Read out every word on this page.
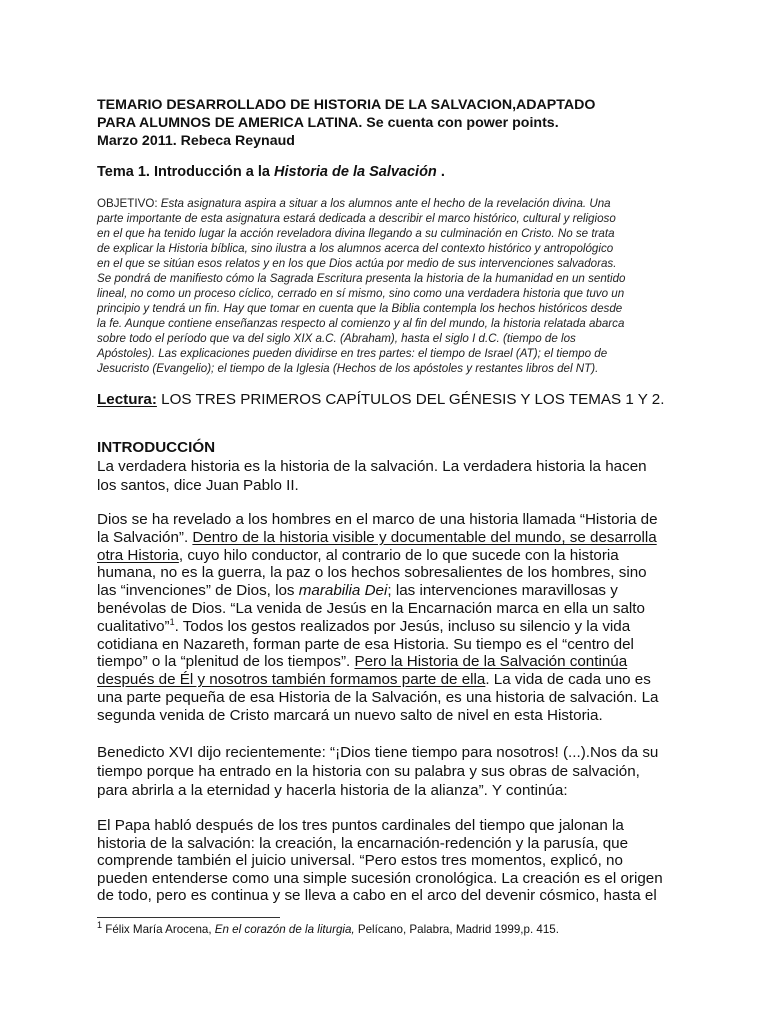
TEMARIO DESARROLLADO DE HISTORIA DE LA SALVACION,ADAPTADO
PARA ALUMNOS DE AMERICA LATINA. Se cuenta con power points.
Marzo 2011. Rebeca Reynaud
Tema 1. Introducción a la Historia de la Salvación .
OBJETIVO: Esta asignatura aspira a situar a los alumnos ante el hecho de la revelación divina. Una
parte importante de esta asignatura estará dedicada a describir el marco histórico, cultural y religioso
en el que ha tenido lugar la acción reveladora divina llegando a su culminación en Cristo. No se trata
de explicar la Historia bíblica, sino ilustra a los alumnos acerca del contexto histórico y antropológico
en el que se sitúan esos relatos y en los que Dios actúa por medio de sus intervenciones salvadoras.
Se pondrá de manifiesto cómo la Sagrada Escritura presenta la historia de la humanidad en un sentido
lineal, no como un proceso cíclico, cerrado en sí mismo, sino como una verdadera historia que tuvo un
principio y tendrá un fin. Hay que tomar en cuenta que la Biblia contempla los hechos históricos desde
la fe. Aunque contiene enseñanzas respecto al comienzo y al fin del mundo, la historia relatada abarca
sobre todo el período que va del siglo XIX a.C. (Abraham), hasta el siglo I d.C. (tiempo de los
Apóstoles). Las explicaciones pueden dividirse en tres partes: el tiempo de Israel (AT); el tiempo de
Jesucristo (Evangelio); el tiempo de la Iglesia (Hechos de los apóstoles y restantes libros del NT).
Lectura: LOS TRES PRIMEROS CAPÍTULOS DEL GÉNESIS Y LOS TEMAS 1 Y 2.
INTRODUCCIÓN
La verdadera historia es la historia de la salvación. La verdadera historia la hacen
los santos, dice Juan Pablo II.
Dios se ha revelado a los hombres en el marco de una historia llamada “Historia de
la Salvación”. Dentro de la historia visible y documentable del mundo, se desarrolla
otra Historia, cuyo hilo conductor, al contrario de lo que sucede con la historia
humana, no es la guerra, la paz o los hechos sobresalientes de los hombres, sino
las “invenciones” de Dios, los marabilia Dei; las intervenciones maravillosas y
benévolas de Dios. “La venida de Jesús en la Encarnación marca en ella un salto
cualitativo”$^1$. Todos los gestos realizados por Jesús, incluso su silencio y la vida
cotidiana en Nazareth, forman parte de esa Historia. Su tiempo es el “centro del
tiempo” o la “plenitud de los tiempos”. Pero la Historia de la Salvación continúa
después de Él y nosotros también formamos parte de ella. La vida de cada uno es
una parte pequeña de esa Historia de la Salvación, es una historia de salvación. La
segunda venida de Cristo marcará un nuevo salto de nivel en esta Historia.
Benedicto XVI dijo recientemente: “¡Dios tiene tiempo para nosotros! (...).Nos da su
tiempo porque ha entrado en la historia con su palabra y sus obras de salvación,
para abrirla a la eternidad y hacerla historia de la alianza”. Y continúa:
El Papa habló después de los tres puntos cardinales del tiempo que jalonan la
historia de la salvación: la creación, la encarnación-redención y la parusía, que
comprende también el juicio universal. “Pero estos tres momentos, explicó, no
pueden entenderse como una simple sucesión cronológica. La creación es el origen
de todo, pero es continua y se lleva a cabo en el arco del devenir cósmico, hasta el
$^1$ Félix María Arocena, En el corazón de la liturgia, Pelícano, Palabra, Madrid 1999,p. 415.
